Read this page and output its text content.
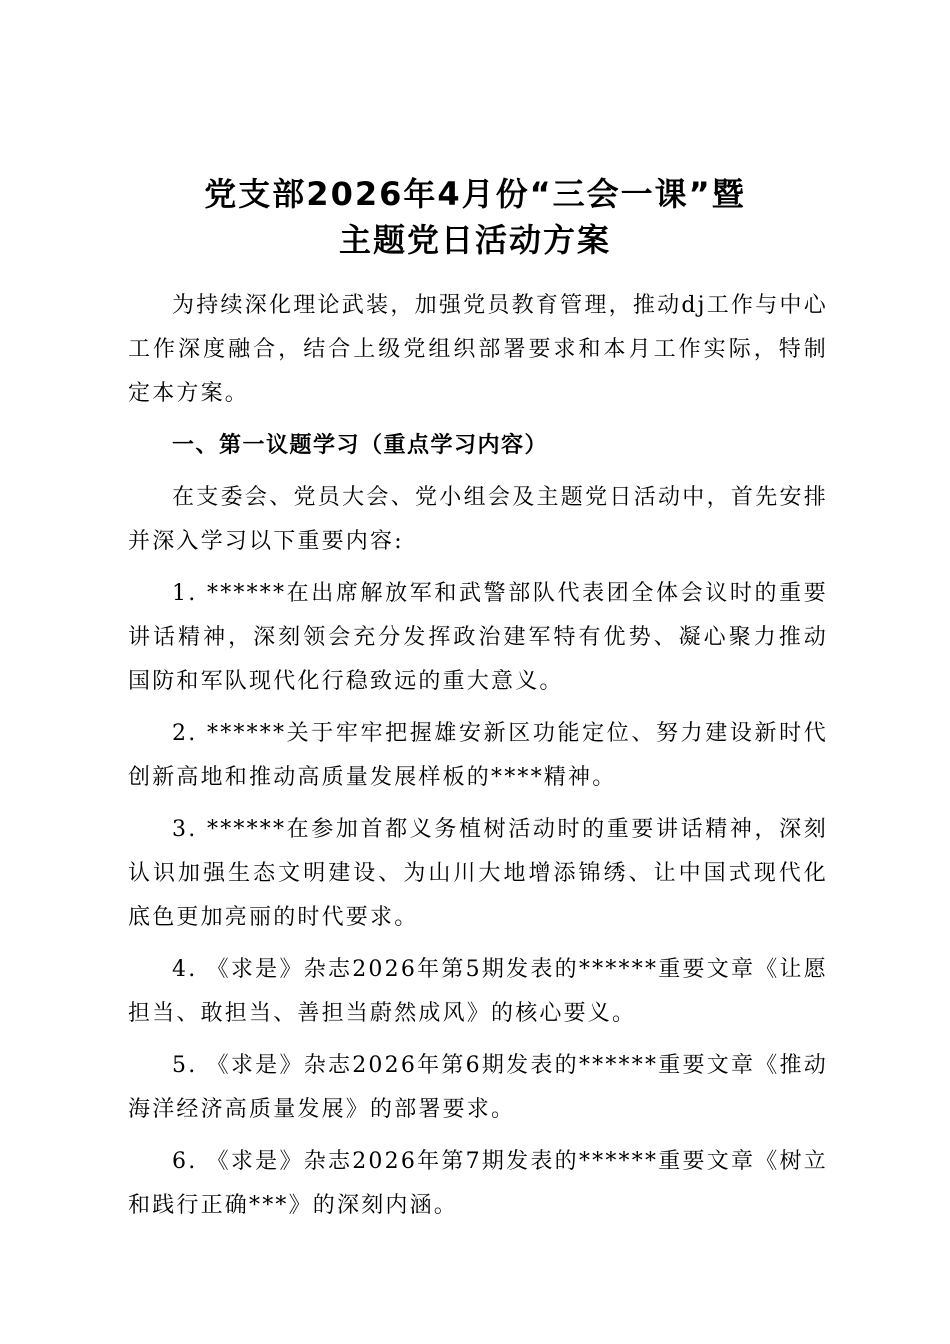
党支部2026年4月份“三会一课”暨
主题党日活动方案

为持续深化理论武装，加强党员教育管理，推动dj工作与中心工作深度融合，结合上级党组织部署要求和本月工作实际，特制定本方案。

一、第一议题学习（重点学习内容）

在支委会、党员大会、党小组会及主题党日活动中，首先安排并深入学习以下重要内容:

1. ******在出席解放军和武警部队代表团全体会议时的重要讲话精神，深刻领会充分发挥政治建军特有优势、凝心聚力推动国防和军队现代化行稳致远的重大意义。

2. ******关于牢牢把握雄安新区功能定位、努力建设新时代创新高地和推动高质量发展样板的****精神。

3. ******在参加首都义务植树活动时的重要讲话精神，深刻认识加强生态文明建设、为山川大地增添锦绣、让中国式现代化底色更加亮丽的时代要求。

4. 《求是》杂志2026年第5期发表的******重要文章《让愿担当、敢担当、善担当蔚然成风》的核心要义。

5. 《求是》杂志2026年第6期发表的******重要文章《推动海洋经济高质量发展》的部署要求。

6. 《求是》杂志2026年第7期发表的******重要文章《树立和践行正确***》的深刻内涵。
